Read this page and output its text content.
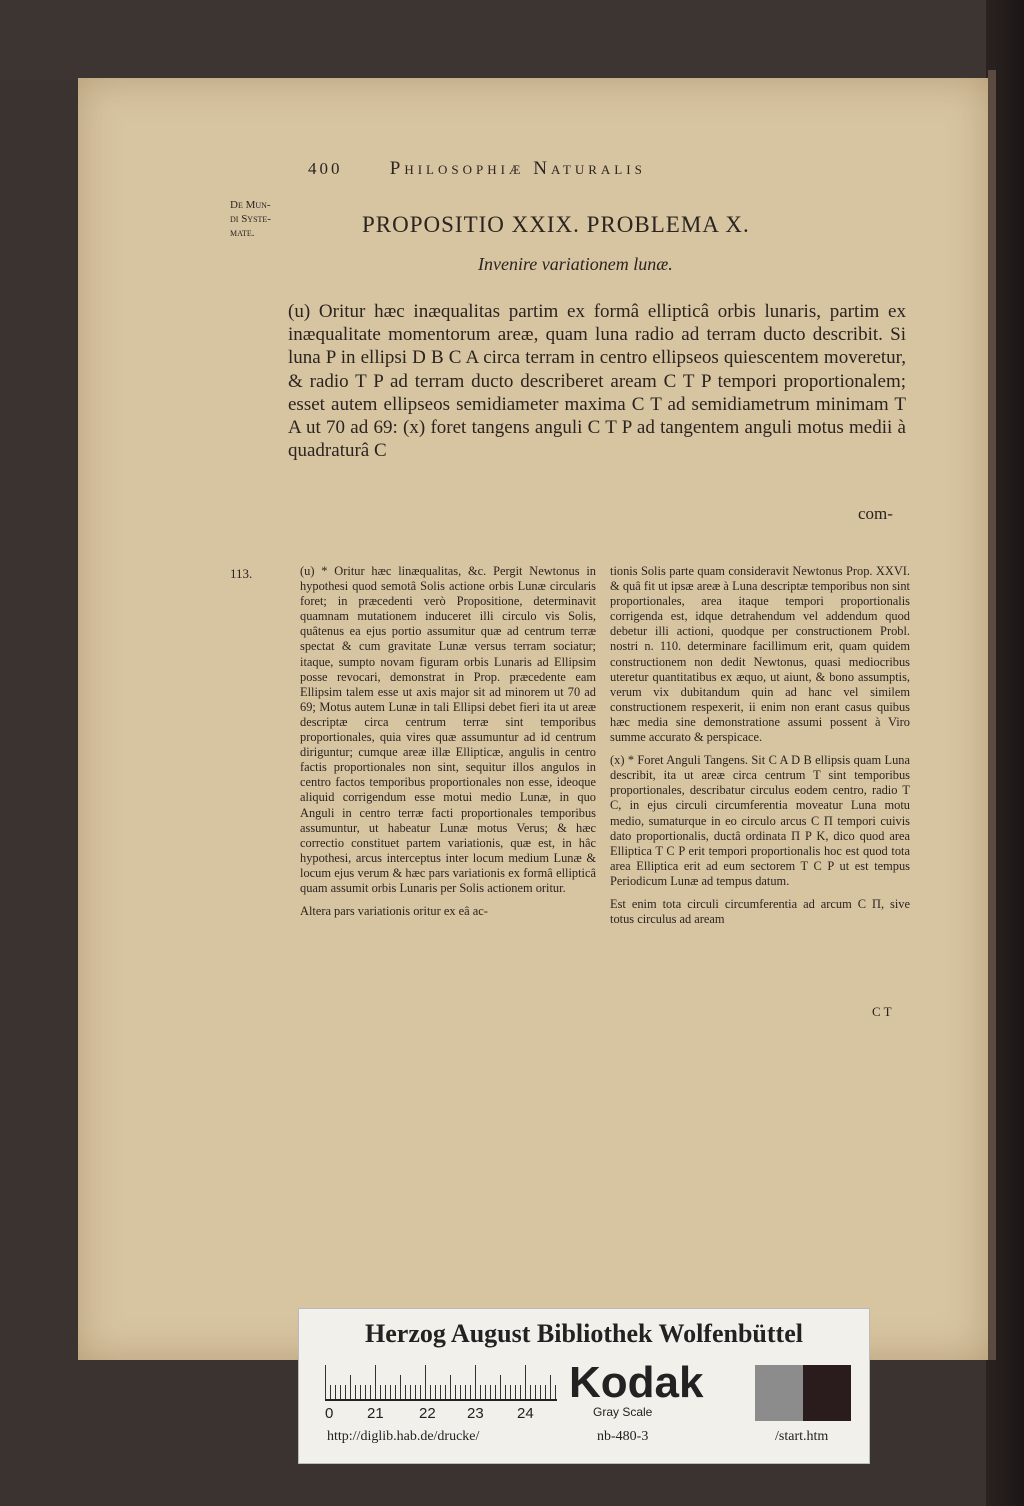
400 Philosophiæ Naturalis
De Mun-
di Syste-
mate.	PROPOSITIO XXIX. PROBLEMA X.
Invenire variationem lunæ.
(u) Oritur hæc inæqualitas partim ex formâ ellipticâ orbis lunaris, partim ex inæqualitate momentorum areæ, quam luna radio ad terram ducto describit. Si luna P in ellipsi D B C A circa terram in centro ellipseos quiescentem moveretur, & radio T P ad terram ducto describeret aream C T P tempori proportionalem; esset autem ellipseos semidiameter maxima C T ad semidiametrum minimam T A ut 70 ad 69: (x) foret tangens anguli C T P ad tangentem anguli motus medii à quadraturâ C
com-
113.	(u) * Oritur hæc linæqualitas, &c. Pergit Newtonus in hypothesi quod semotâ Solis actione orbis Lunæ circularis foret; in præcedenti verò Propositione, determinavit quamnam mutationem induceret illi circulo vis Solis, quâtenus ea ejus portio assumitur quæ ad centrum terræ spectat & cum gravitate Lunæ versus terram sociatur; itaque, sumpto novam figuram orbis Lunaris ad Ellipsim posse revocari, demonstrat in Prop. præcedente eam Ellipsim talem esse ut axis major sit ad minorem ut 70 ad 69; Motus autem Lunæ in tali Ellipsi debet fieri ita ut areæ descriptæ circa centrum terræ sint temporibus proportionales, quia vires quæ assumuntur ad id centrum diriguntur; cumque areæ illæ Ellipticæ, angulis in centro factis proportionales non sint, sequitur illos angulos in centro factos temporibus proportionales non esse, ideoque aliquid corrigendum esse motui medio Lunæ, in quo Anguli in centro terræ facti proportionales temporibus assumuntur, ut habeatur Lunæ motus Verus; & hæc correctio constituet partem variationis, quæ est, in hâc hypothesi, arcus interceptus inter locum medium Lunæ & locum ejus verum & hæc pars variationis ex formâ ellipticâ quam assumit orbis Lunaris per Solis actionem oritur.

Altera pars variationis oritur ex eâ ac-

tionis Solis parte quam consideravit Newtonus Prop. XXVI. & quâ fit ut ipsæ areæ à Luna descriptæ temporibus non sint proportionales, area itaque tempori proportionalis corrigenda est, idque detrahendum vel addendum quod debetur illi actioni, quodque per constructionem Probl. nostri n. 110. determinare facillimum erit, quam quidem constructionem non dedit Newtonus, quasi mediocribus uteretur quantitatibus ex æquo, ut aiunt, & bono assumptis, verum vix dubitandum quin ad hanc vel similem constructionem respexerit, ii enim non erant casus quibus hæc media sine demonstratione assumi possent à Viro summe accurato & perspicace.

(x) * Foret Anguli Tangens. Sit C A D B ellipsis quam Luna describit, ita ut areæ circa centrum T sint temporibus proportionales, describatur circulus eodem centro, radio T C, in ejus circuli circumferentia moveatur Luna motu medio, sumaturque in eo circulo arcus C Π tempori cuivis dato proportionalis, ductâ ordinata Π P K, dico quod area Elliptica T C P erit tempori proportionalis hoc est quod tota area Elliptica erit ad eum sectorem T C P ut est tempus Periodicum Lunæ ad tempus datum.

Est enim tota circuli circumferentia ad arcum C Π, sive totus circulus ad aream

C T
Herzog August Bibliothek Wolfenbüttel
0 21 22 23 24
Kodak
Gray Scale
http://diglib.hab.de/drucke/	nb-480-3	/start.htm
